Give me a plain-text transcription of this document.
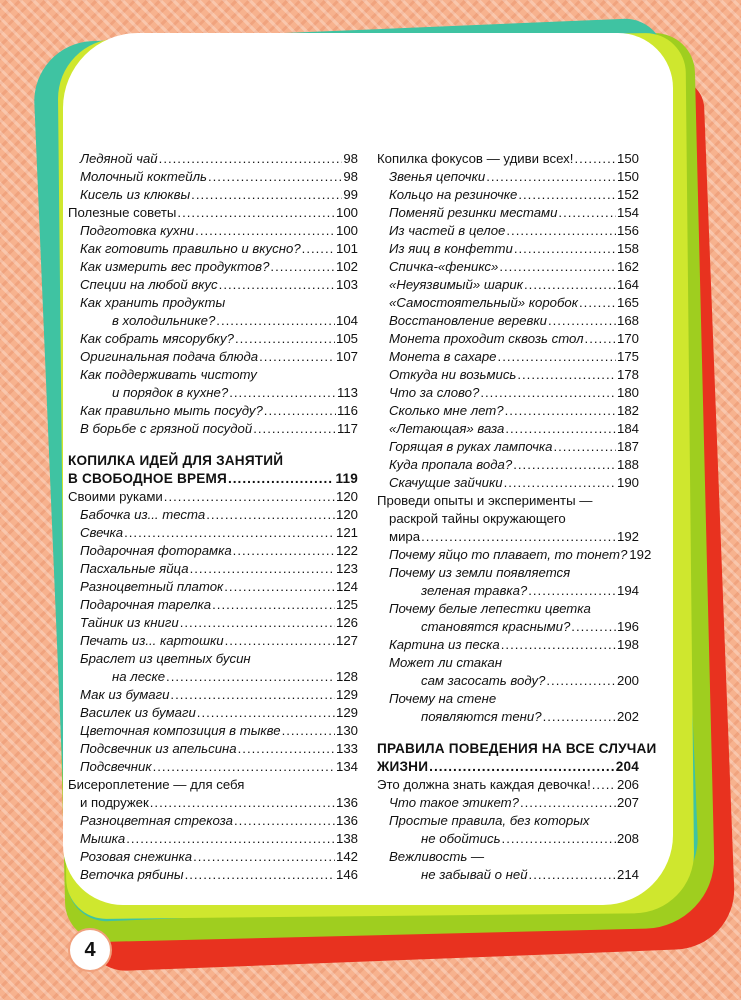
Ледяной чай .....	98
Молочный коктейль .....	98
Кисель из клюквы .....	99
Полезные советы .....	100
Подготовка кухни .....	100
Как готовить правильно и вкусно? .....	101
Как измерить вес продуктов? .....	102
Специи на любой вкус .....	103
Как хранить продукты
в холодильнике? .....	104
Как собрать мясорубку? .....	105
Оригинальная подача блюда .....	107
Как поддерживать чистоту
и порядок в кухне? .....	113
Как правильно мыть посуду? .....	116
В борьбе с грязной посудой .....	117
КОПИЛКА ИДЕЙ ДЛЯ ЗАНЯТИЙ
В СВОБОДНОЕ ВРЕМЯ .....	119
Своими руками .....	120
Бабочка из... теста .....	120
Свечка .....	121
Подарочная фоторамка .....	122
Пасхальные яйца .....	123
Разноцветный платок .....	124
Подарочная тарелка .....	125
Тайник из книги .....	126
Печать из... картошки .....	127
Браслет из цветных бусин
на леске .....	128
Мак из бумаги .....	129
Василек из бумаги .....	129
Цветочная композиция в тыкве .....	130
Подсвечник из апельсина .....	133
Подсвечник .....	134
Бисероплетение — для себя
и подружек .....	136
Разноцветная стрекоза .....	136
Мышка .....	138
Розовая снежинка .....	142
Веточка рябины .....	146
Копилка фокусов — удиви всех! .....	150
Звенья цепочки .....	150
Кольцо на резиночке .....	152
Поменяй резинки местами .....	154
Из частей в целое .....	156
Из яиц в конфетти .....	158
Спичка-«феникс» .....	162
«Неуязвимый» шарик .....	164
«Самостоятельный» коробок .....	165
Восстановление веревки .....	168
Монета проходит сквозь стол .....	170
Монета в сахаре .....	175
Откуда ни возьмись .....	178
Что за слово? .....	180
Сколько мне лет? .....	182
«Летающая» ваза .....	184
Горящая в руках лампочка .....	187
Куда пропала вода? .....	188
Скачущие зайчики .....	190
Проведи опыты и эксперименты —
раскрой тайны окружающего
мира .....	192
Почему яйцо то плавает, то тонет? 192
Почему из земли появляется
зеленая травка? .....	194
Почему белые лепестки цветка
становятся красными? .....	196
Картина из песка .....	198
Может ли стакан
сам засосать воду? .....	200
Почему на стене
появляются тени? .....	202
ПРАВИЛА ПОВЕДЕНИЯ НА ВСЕ СЛУЧАИ
ЖИЗНИ .....	204
Это должна знать каждая девочка! ..... 206
Что такое этикет? .....	207
Простые правила, без которых
не обойтись .....	208
Вежливость —
не забывай о ней .....	214
4
